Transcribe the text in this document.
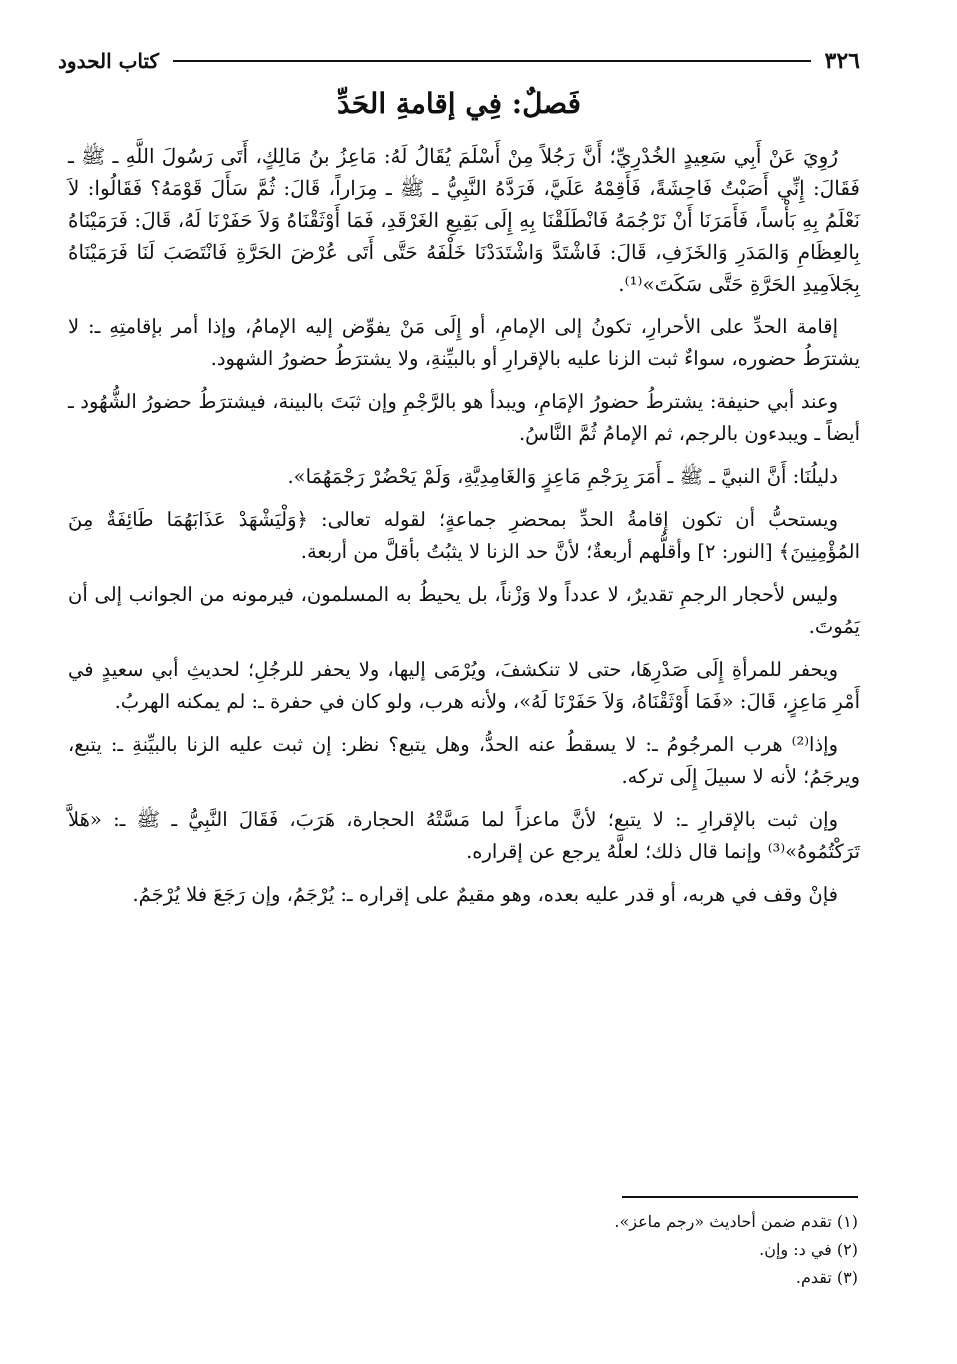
٣٢٦
كتاب الحدود
فَصلٌ: فِي إقامةِ الحَدِّ

رُوِيَ عَنْ أَبِي سَعِيدٍ الخُدْرِيِّ؛ أَنَّ رَجُلاً مِنْ أَسْلَمَ يُقَالُ لَهُ: مَاعِزُ بنُ مَالِكٍ، أَتَى رَسُولَ اللَّهِ ـ ﷺ ـ فَقَالَ: إِنِّي أَصَبْتُ فَاحِشَةً، فَأَقِمْهُ عَلَيَّ، فَرَدَّهُ النَّبِيُّ ـ ﷺ ـ مِرَاراً، قَالَ: ثُمَّ سَأَلَ قَوْمَهُ؟ فَقَالُوا: لاَ نَعْلَمُ بِهِ بَأْساً، فَأَمَرَنَا أَنْ نَرْجُمَهُ فَانْطَلَقْنَا بِهِ إِلَى بَقِيعِ الغَرْقَدِ، فَمَا أَوْثَقْنَاهُ وَلاَ حَفَرْنَا لَهُ، قَالَ: فَرَمَيْنَاهُ بِالعِظَامِ وَالمَدَرِ وَالخَزَفِ، قَالَ: فَاشْتَدَّ وَاشْتَدَدْنَا خَلْفَهُ حَتَّى أَتَى عُرْضَ الحَرَّةِ فَانْتَصَبَ لَنَا فَرَمَيْنَاهُ بِجَلاَمِيدِ الحَرَّةِ حَتَّى سَكَتَ»⁽¹⁾.

إقامة الحدِّ على الأحرارِ، تكونُ إلى الإمامِ، أو إِلَى مَنْ يفوِّض إليه الإمامُ، وإذا أمر بإقامتِهِ ـ: لا يشترَطُ حضوره، سواءٌ ثبت الزنا عليه بالإقرارِ أو بالبيِّنةِ، ولا يشترَطُ حضورُ الشهود.

وعند أبي حنيفة: يشترطُ حضورُ الإمَامِ، ويبدأ هو بالرَّجْمِ وإن ثبَتَ بالبينة، فيشترَطُ حضورُ الشُّهُود ـ أيضاً ـ ويبدءون بالرجم، ثم الإمامُ ثُمَّ النَّاسُ.

دليلُنَا: أَنَّ النبيَّ ـ ﷺ ـ أَمَرَ بِرَجْمِ مَاعِزٍ وَالغَامِدِيَّةِ، وَلَمْ يَحْضُرْ رَجْمَهُمَا».

ويستحبُّ أن تكون إقامةُ الحدِّ بمحضرِ جماعةٍ؛ لقوله تعالى: ﴿وَلْيَشْهَدْ عَذَابَهُمَا طَائِفَةٌ مِنَ المُؤْمِنِينَ﴾ [النور: ٢] وأقلُّهم أربعةٌ؛ لأنَّ حد الزنا لا يثبُتُ بأقلَّ من أربعة.

وليس لأحجار الرجمِ تقديرٌ، لا عدداً ولا وَزْناً، بل يحيطُ به المسلمون، فيرمونه من الجوانب إلى أن يَمُوتَ.

ويحفر للمرأةِ إِلَى صَدْرِهَا، حتى لا تنكشفَ، ويُرْمَى إليها، ولا يحفر للرجُلِ؛ لحديثِ أبي سعيدٍ في أَمْرِ مَاعِزٍ، قَالَ: «فَمَا أَوْثَقْنَاهُ، وَلاَ حَفَرْنَا لَهُ»، ولأنه هرب، ولو كان في حفرة ـ: لم يمكنه الهربُ.

وإذا⁽²⁾ هرب المرجُومُ ـ: لا يسقطُ عنه الحدُّ، وهل يتبع؟ نظر: إن ثبت عليه الزنا بالبيِّنةِ ـ: يتبع، ويرجَمُ؛ لأنه لا سبيلَ إِلَى تركه.

وإن ثبت بالإقرارِ ـ: لا يتبع؛ لأنَّ ماعزاً لما مَسَّتْهُ الحجارة، هَرَبَ، فَقَالَ النَّبِيُّ ـ ﷺ ـ: «هَلاَّ تَرَكْتُمُوهُ»⁽³⁾ وإنما قال ذلك؛ لعلَّهُ يرجع عن إقراره.

فإنْ وقف في هربه، أو قدر عليه بعده، وهو مقيمٌ على إقراره ـ: يُرْجَمُ، وإن رَجَعَ فلا يُرْجَمُ.

(١) تقدم ضمن أحاديث «رجم ماعز».

(٢) في د: وإن.

(٣) تقدم.
